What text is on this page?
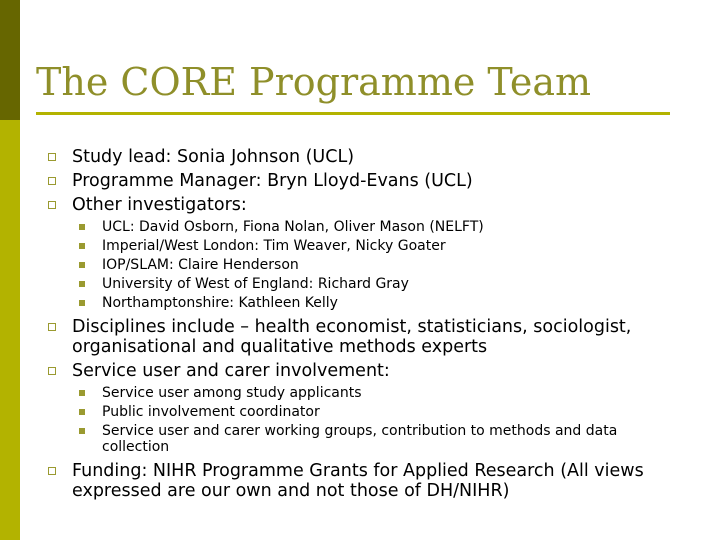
The CORE Programme Team
Study lead: Sonia Johnson (UCL)
Programme Manager: Bryn Lloyd-Evans (UCL)
Other investigators:
UCL: David Osborn, Fiona Nolan, Oliver Mason (NELFT)
Imperial/West London: Tim Weaver, Nicky Goater
IOP/SLAM: Claire Henderson
University of West of England: Richard Gray
Northamptonshire: Kathleen Kelly
Disciplines include – health economist, statisticians, sociologist, organisational and qualitative methods experts
Service user and carer involvement:
Service user among study applicants
Public involvement coordinator
Service user and carer working groups, contribution to methods and data collection
Funding: NIHR Programme Grants for Applied Research (All views expressed are our own and not those of DH/NIHR)
